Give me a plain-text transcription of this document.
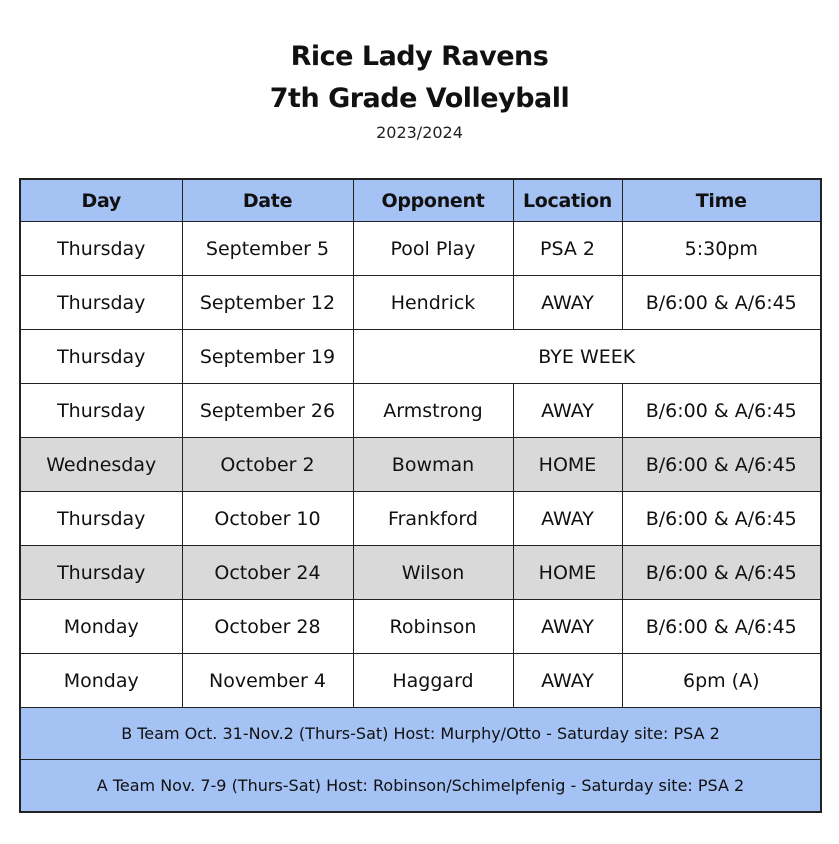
Rice Lady Ravens
7th Grade Volleyball
2023/2024
Day	Date	Opponent	Location	Time
Thursday	September 5	Pool Play	PSA 2	5:30pm
Thursday	September 12	Hendrick	AWAY	B/6:00 & A/6:45
Thursday	September 19	BYE WEEK		
Thursday	September 26	Armstrong	AWAY	B/6:00 & A/6:45
Wednesday	October 2	Bowman	HOME	B/6:00 & A/6:45
Thursday	October 10	Frankford	AWAY	B/6:00 & A/6:45
Thursday	October 24	Wilson	HOME	B/6:00 & A/6:45
Monday	October 28	Robinson	AWAY	B/6:00 & A/6:45
Monday	November 4	Haggard	AWAY	6pm (A)
B Team Oct. 31-Nov.2 (Thurs-Sat) Host: Murphy/Otto - Saturday site: PSA 2				
A Team Nov. 7-9 (Thurs-Sat) Host: Robinson/Schimelpfenig - Saturday site: PSA 2				
